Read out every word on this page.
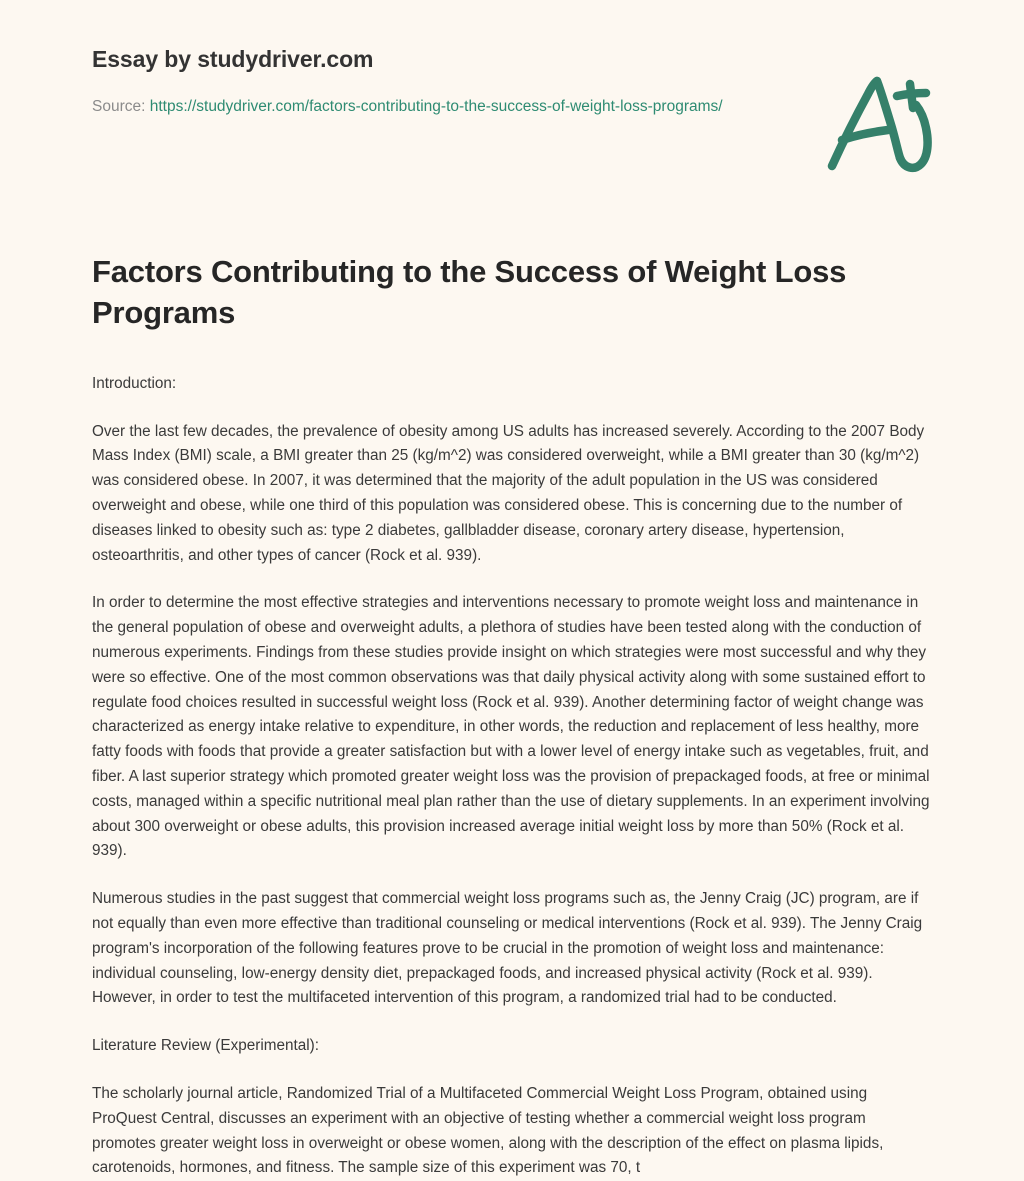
Essay by studydriver.com
Source: https://studydriver.com/factors-contributing-to-the-success-of-weight-loss-programs/
Factors Contributing to the Success of Weight Loss Programs

Introduction:

Over the last few decades, the prevalence of obesity among US adults has increased severely. According to the 2007 Body Mass Index (BMI) scale, a BMI greater than 25 (kg/m^2) was considered overweight, while a BMI greater than 30 (kg/m^2) was considered obese. In 2007, it was determined that the majority of the adult population in the US was considered overweight and obese, while one third of this population was considered obese. This is concerning due to the number of diseases linked to obesity such as: type 2 diabetes, gallbladder disease, coronary artery disease, hypertension, osteoarthritis, and other types of cancer (Rock et al. 939).

In order to determine the most effective strategies and interventions necessary to promote weight loss and maintenance in the general population of obese and overweight adults, a plethora of studies have been tested along with the conduction of numerous experiments. Findings from these studies provide insight on which strategies were most successful and why they were so effective. One of the most common observations was that daily physical activity along with some sustained effort to regulate food choices resulted in successful weight loss (Rock et al. 939). Another determining factor of weight change was characterized as energy intake relative to expenditure, in other words, the reduction and replacement of less healthy, more fatty foods with foods that provide a greater satisfaction but with a lower level of energy intake such as vegetables, fruit, and fiber. A last superior strategy which promoted greater weight loss was the provision of prepackaged foods, at free or minimal costs, managed within a specific nutritional meal plan rather than the use of dietary supplements. In an experiment involving about 300 overweight or obese adults, this provision increased average initial weight loss by more than 50% (Rock et al. 939).

Numerous studies in the past suggest that commercial weight loss programs such as, the Jenny Craig (JC) program, are if not equally than even more effective than traditional counseling or medical interventions (Rock et al. 939). The Jenny Craig program's incorporation of the following features prove to be crucial in the promotion of weight loss and maintenance: individual counseling, low-energy density diet, prepackaged foods, and increased physical activity (Rock et al. 939). However, in order to test the multifaceted intervention of this program, a randomized trial had to be conducted.

Literature Review (Experimental):

The scholarly journal article, Randomized Trial of a Multifaceted Commercial Weight Loss Program, obtained using ProQuest Central, discusses an experiment with an objective of testing whether a commercial weight loss program promotes greater weight loss in overweight or obese women, along with the description of the effect on plasma lipids, carotenoids, hormones, and fitness. The sample size of this experiment was 70, t
